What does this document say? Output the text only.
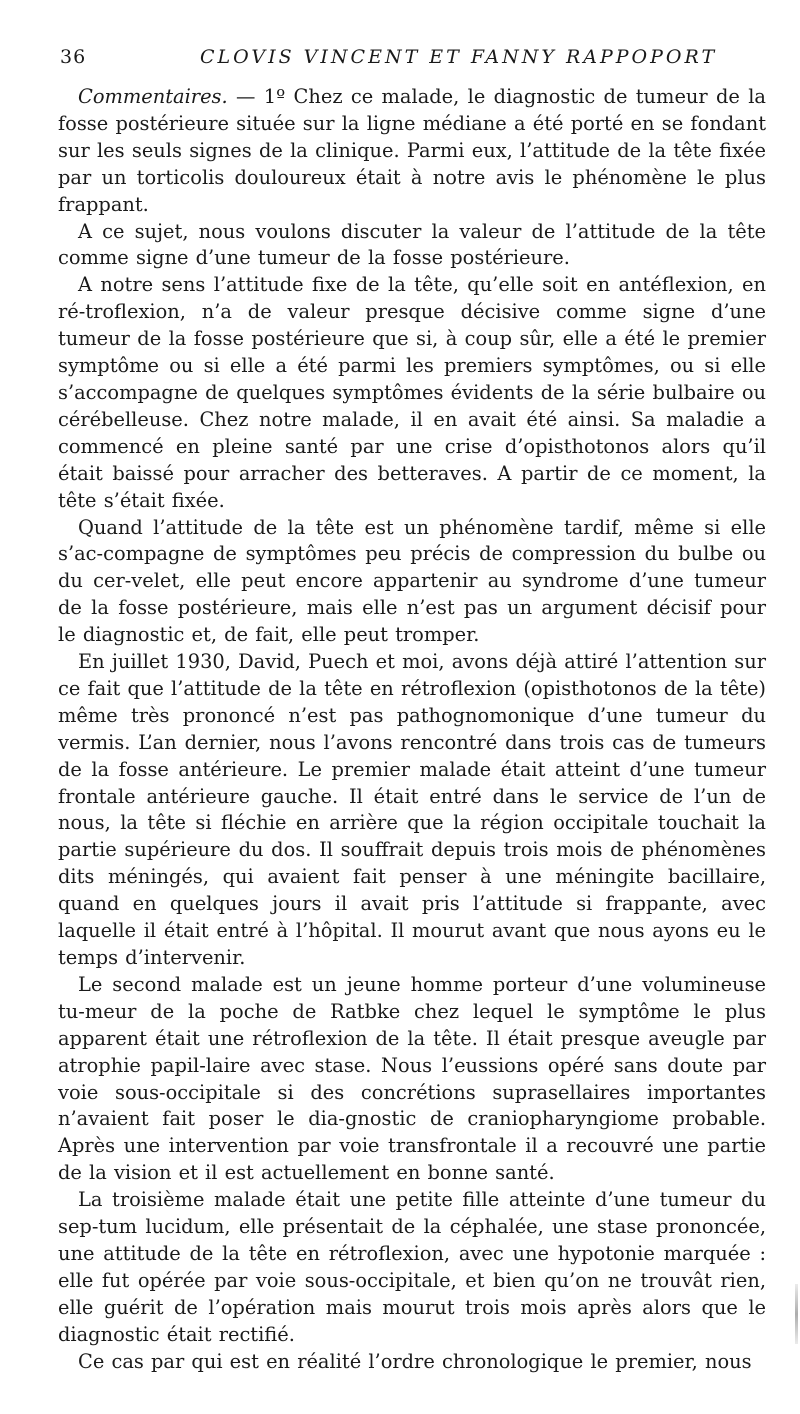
36	CLOVIS VINCENT ET FANNY RAPPOPORT

Commentaires. — 1º Chez ce malade, le diagnostic de tumeur de la fosse postérieure située sur la ligne médiane a été porté en se fondant sur les seuls signes de la clinique. Parmi eux, l’attitude de la tête fixée par un torticolis douloureux était à notre avis le phénomène le plus frappant.

A ce sujet, nous voulons discuter la valeur de l’attitude de la tête comme signe d’une tumeur de la fosse postérieure.

A notre sens l’attitude fixe de la tête, qu’elle soit en antéflexion, en ré-troflexion, n’a de valeur presque décisive comme signe d’une tumeur de la fosse postérieure que si, à coup sûr, elle a été le premier symptôme ou si elle a été parmi les premiers symptômes, ou si elle s’accompagne de quelques symptômes évidents de la série bulbaire ou cérébelleuse. Chez notre malade, il en avait été ainsi. Sa maladie a commencé en pleine santé par une crise d’opisthotonos alors qu’il était baissé pour arracher des betteraves. A partir de ce moment, la tête s’était fixée.

Quand l’attitude de la tête est un phénomène tardif, même si elle s’ac-compagne de symptômes peu précis de compression du bulbe ou du cer-velet, elle peut encore appartenir au syndrome d’une tumeur de la fosse postérieure, mais elle n’est pas un argument décisif pour le diagnostic et, de fait, elle peut tromper.

En juillet 1930, David, Puech et moi, avons déjà attiré l’attention sur ce fait que l’attitude de la tête en rétroflexion (opisthotonos de la tête) même très prononcé n’est pas pathognomonique d’une tumeur du vermis. L’an dernier, nous l’avons rencontré dans trois cas de tumeurs de la fosse antérieure. Le premier malade était atteint d’une tumeur frontale antérieure gauche. Il était entré dans le service de l’un de nous, la tête si fléchie en arrière que la région occipitale touchait la partie supérieure du dos. Il souffrait depuis trois mois de phénomènes dits méningés, qui avaient fait penser à une méningite bacillaire, quand en quelques jours il avait pris l’attitude si frappante, avec laquelle il était entré à l’hôpital. Il mourut avant que nous ayons eu le temps d’intervenir.

Le second malade est un jeune homme porteur d’une volumineuse tu-meur de la poche de Ratbke chez lequel le symptôme le plus apparent était une rétroflexion de la tête. Il était presque aveugle par atrophie papil-laire avec stase. Nous l’eussions opéré sans doute par voie sous-occipitale si des concrétions suprasellaires importantes n’avaient fait poser le dia-gnostic de craniopharyngiome probable. Après une intervention par voie transfrontale il a recouvré une partie de la vision et il est actuellement en bonne santé.

La troisième malade était une petite fille atteinte d’une tumeur du sep-tum lucidum, elle présentait de la céphalée, une stase prononcée, une attitude de la tête en rétroflexion, avec une hypotonie marquée : elle fut opérée par voie sous-occipitale, et bien qu’on ne trouvât rien, elle guérit de l’opération mais mourut trois mois après alors que le diagnostic était rectifié.

Ce cas par qui est en réalité l’ordre chronologique le premier, nous
